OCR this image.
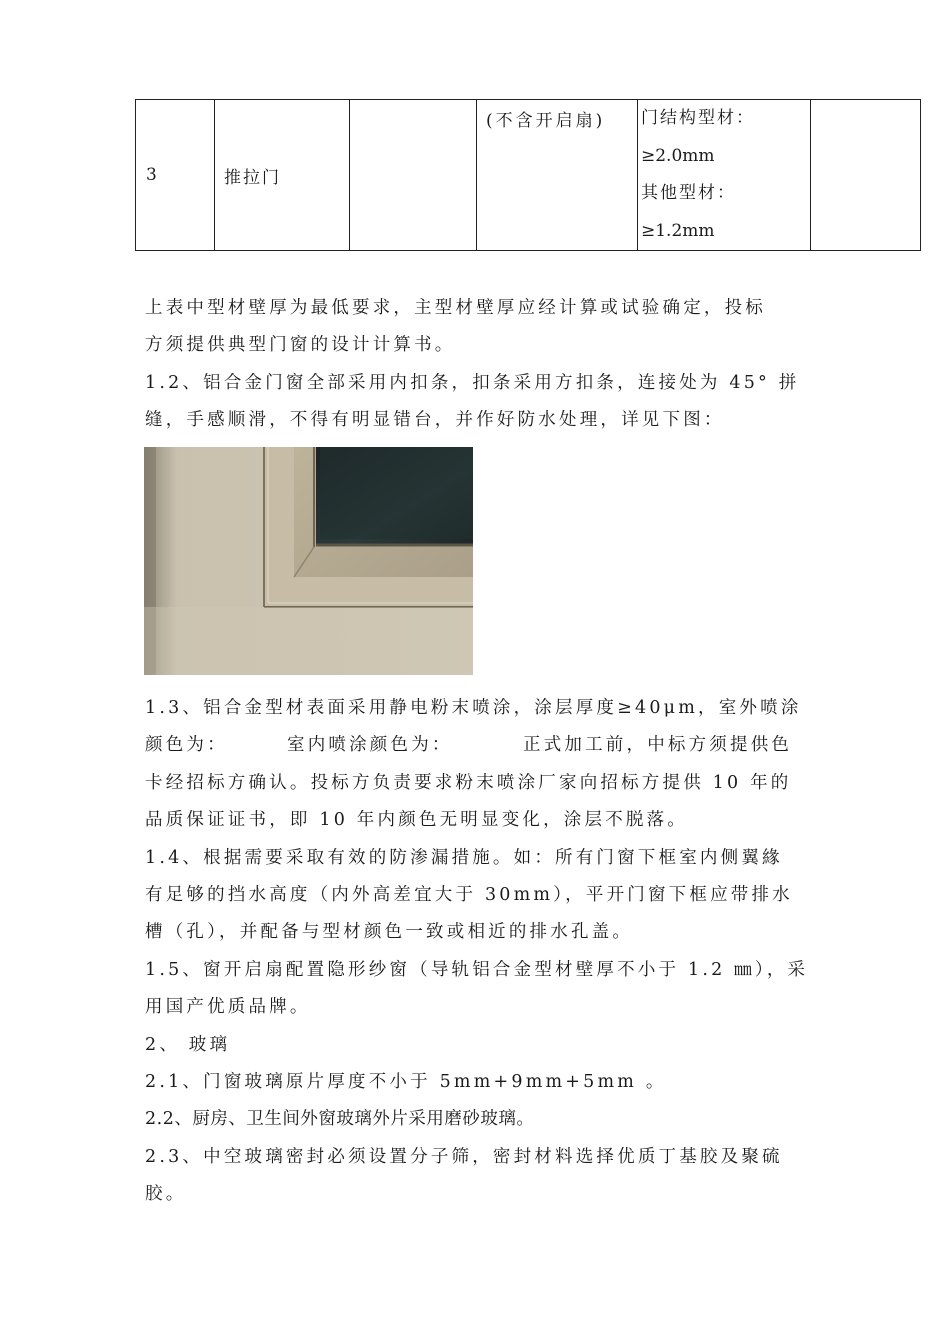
3	推拉门		(不含开启扇)	门结构型材：
≥2.0mm
其他型材：
≥1.2mm

上表中型材壁厚为最低要求，主型材壁厚应经计算或试验确定，投标
方须提供典型门窗的设计计算书。
1.2、铝合金门窗全部采用内扣条，扣条采用方扣条，连接处为 45° 拼
缝，手感顺滑，不得有明显错台，并作好防水处理，详见下图：
1.3、铝合金型材表面采用静电粉末喷涂，涂层厚度≥40μm，室外喷涂
颜色为：	室内喷涂颜色为：	正式加工前，中标方须提供色
卡经招标方确认。投标方负责要求粉末喷涂厂家向招标方提供 10 年的
品质保证证书，即 10 年内颜色无明显变化，涂层不脱落。
1.4、根据需要采取有效的防渗漏措施。如：所有门窗下框室内侧翼緣
有足够的挡水高度（内外高差宜大于 30mm），平开门窗下框应带排水
槽（孔），并配备与型材颜色一致或相近的排水孔盖。
1.5、窗开启扇配置隐形纱窗（导轨铝合金型材壁厚不小于 1.2 ㎜），采
用国产优质品牌。
2、 玻璃
2.1、门窗玻璃原片厚度不小于 5mm+9mm+5mm 。
2.2、厨房、卫生间外窗玻璃外片采用磨砂玻璃。
2.3、中空玻璃密封必须设置分子筛，密封材料选择优质丁基胶及聚硫
胶。
